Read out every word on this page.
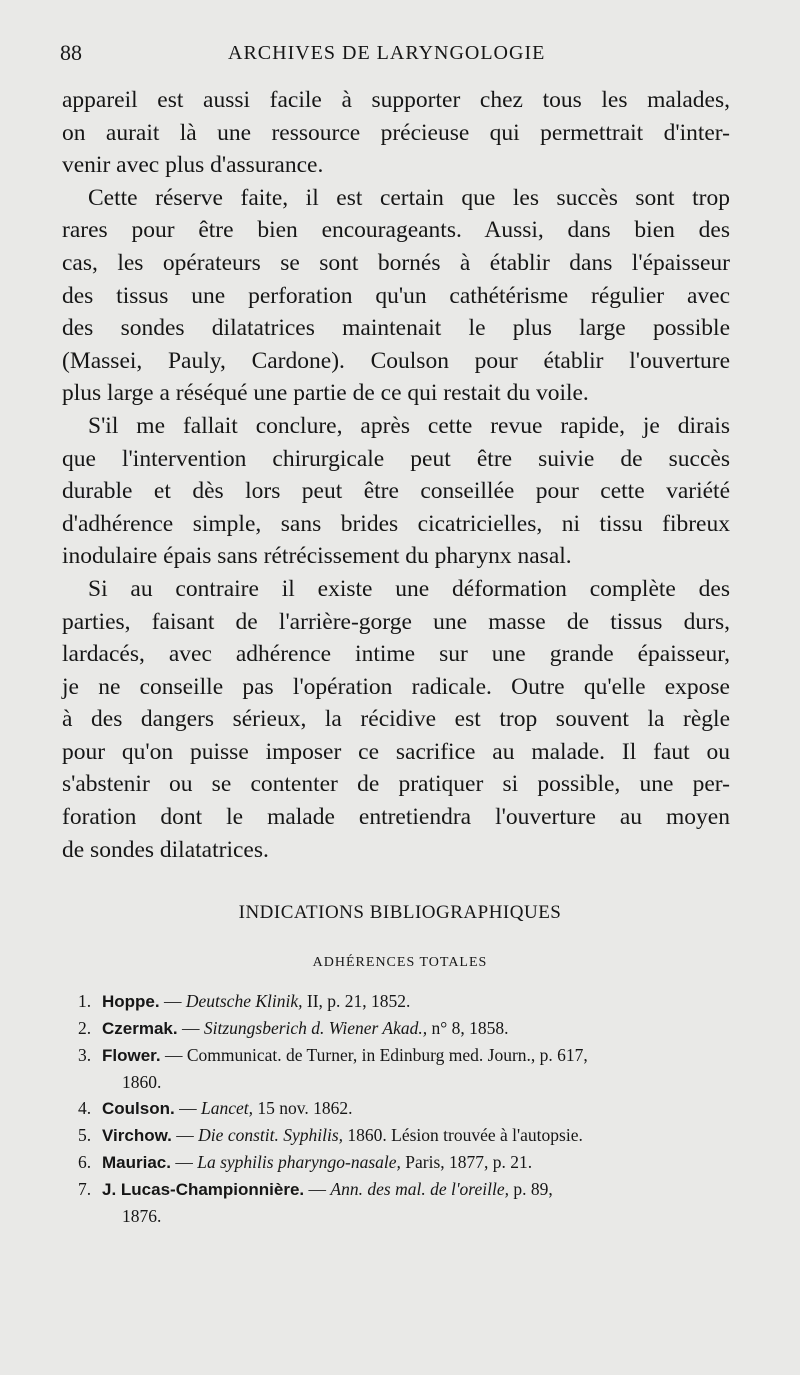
88	ARCHIVES DE LARYNGOLOGIE
appareil est aussi facile à supporter chez tous les malades,
on aurait là une ressource précieuse qui permettrait d'inter-
venir avec plus d'assurance.
Cette réserve faite, il est certain que les succès sont trop
rares pour être bien encourageants. Aussi, dans bien des
cas, les opérateurs se sont bornés à établir dans l'épaisseur
des tissus une perforation qu'un cathétérisme régulier avec
des sondes dilatatrices maintenait le plus large possible
(Massei, Pauly, Cardone). Coulson pour établir l'ouverture
plus large a réséqué une partie de ce qui restait du voile.
S'il me fallait conclure, après cette revue rapide, je dirais
que l'intervention chirurgicale peut être suivie de succès
durable et dès lors peut être conseillée pour cette variété
d'adhérence simple, sans brides cicatricielles, ni tissu fibreux
inodulaire épais sans rétrécissement du pharynx nasal.
Si au contraire il existe une déformation complète des
parties, faisant de l'arrière-gorge une masse de tissus durs,
lardacés, avec adhérence intime sur une grande épaisseur,
je ne conseille pas l'opération radicale. Outre qu'elle expose
à des dangers sérieux, la récidive est trop souvent la règle
pour qu'on puisse imposer ce sacrifice au malade. Il faut ou
s'abstenir ou se contenter de pratiquer si possible, une per-
foration dont le malade entretiendra l'ouverture au moyen
de sondes dilatatrices.
INDICATIONS BIBLIOGRAPHIQUES
ADHÉRENCES TOTALES
1. Hoppe. — Deutsche Klinik, II, p. 21, 1852.
2. Czermak. — Sitzungsberich d. Wiener Akad., n° 8, 1858.
3. Flower. — Communicat. de Turner, in Edinburg med. Journ., p. 617,
1860.
4. Coulson. — Lancet, 15 nov. 1862.
5. Virchow. — Die constit. Syphilis, 1860. Lésion trouvée à l'autopsie.
6. Mauriac. — La syphilis pharyngo-nasale, Paris, 1877, p. 21.
7. J. Lucas-Championnière. — Ann. des mal. de l'oreille, p. 89,
1876.
